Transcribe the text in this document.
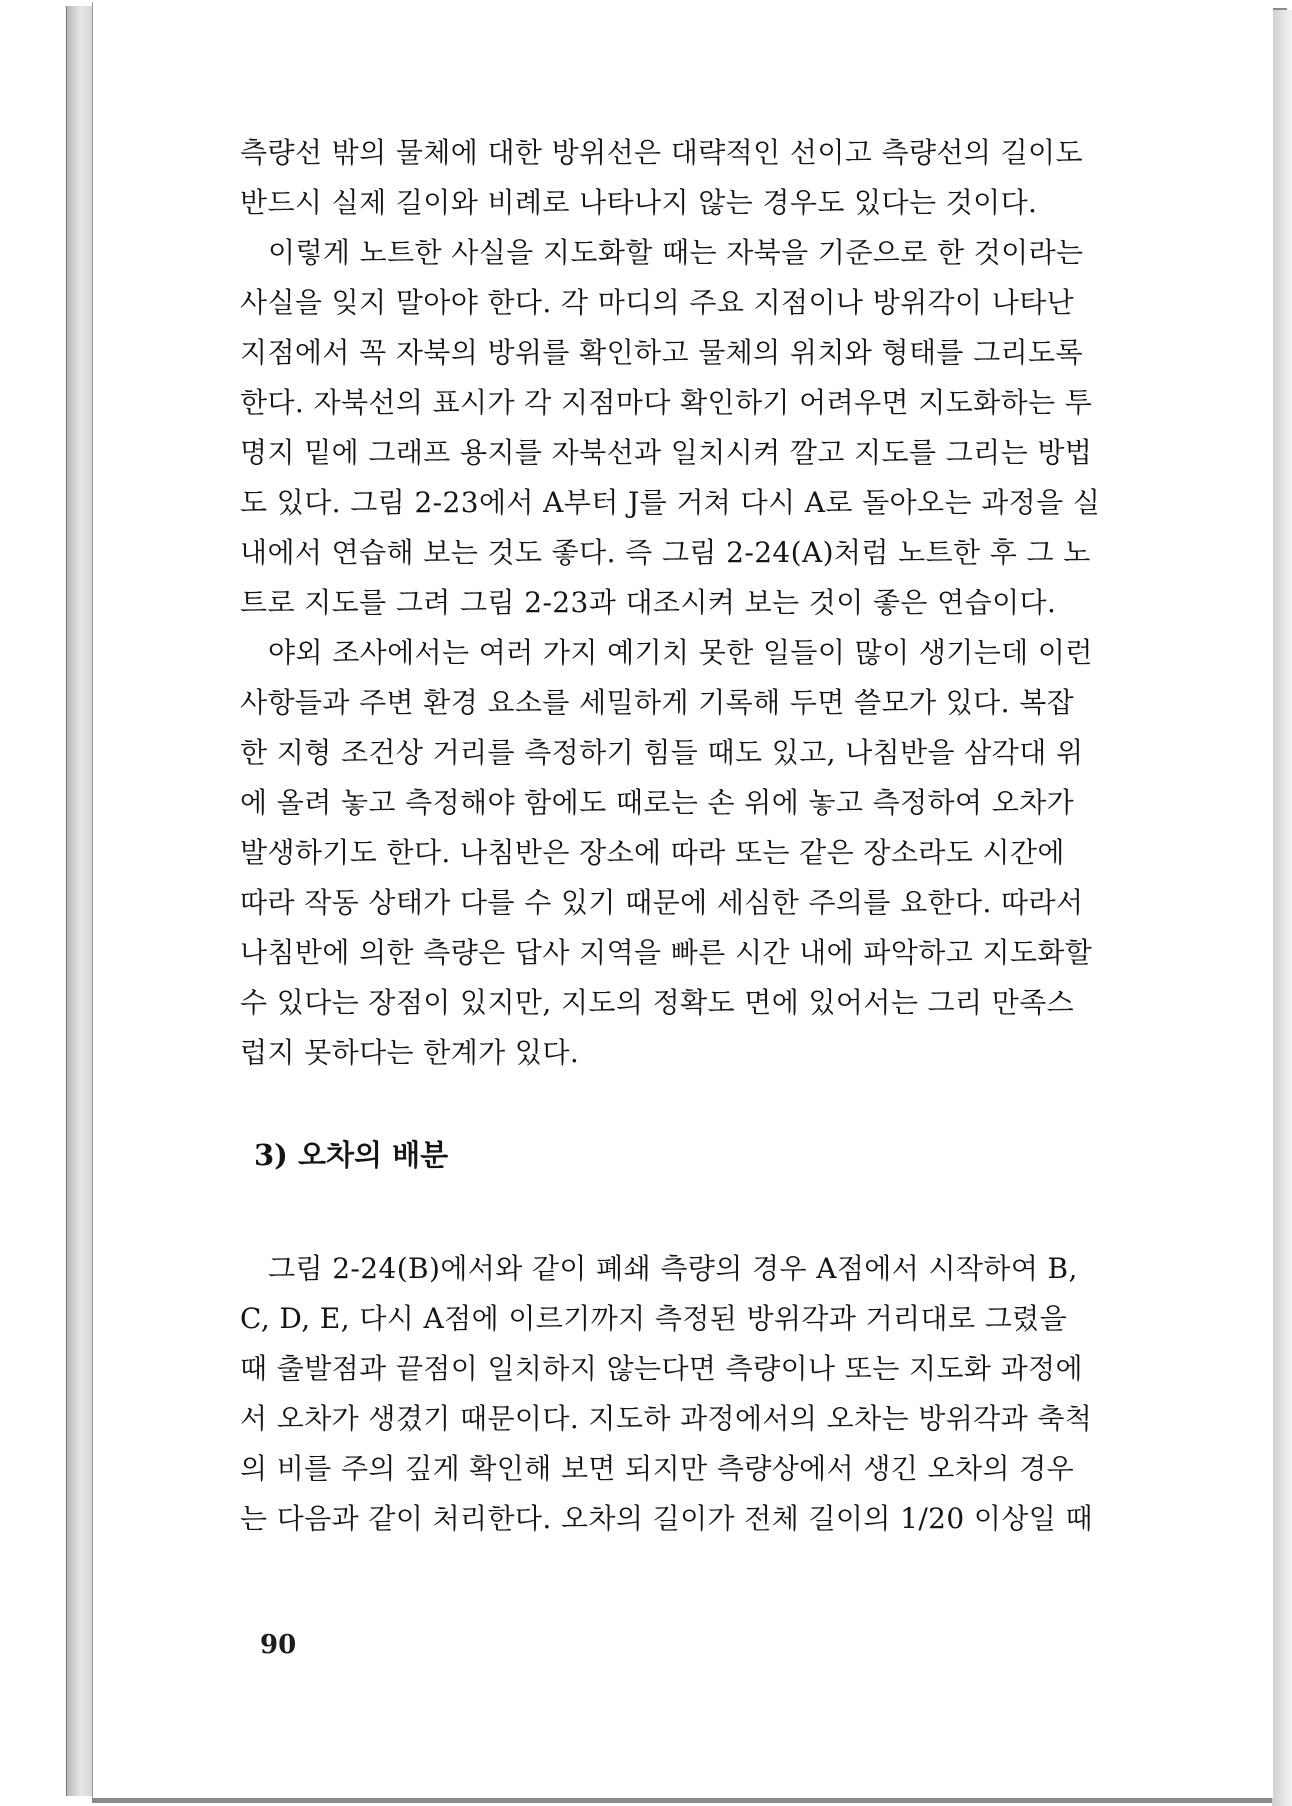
측량선 밖의 물체에 대한 방위선은 대략적인 선이고 측량선의 길이도

반드시 실제 길이와 비례로 나타나지 않는 경우도 있다는 것이다.

이렇게 노트한 사실을 지도화할 때는 자북을 기준으로 한 것이라는

사실을 잊지 말아야 한다. 각 마디의 주요 지점이나 방위각이 나타난

지점에서 꼭 자북의 방위를 확인하고 물체의 위치와 형태를 그리도록

한다. 자북선의 표시가 각 지점마다 확인하기 어려우면 지도화하는 투

명지 밑에 그래프 용지를 자북선과 일치시켜 깔고 지도를 그리는 방법

도 있다. 그림 2-23에서 A부터 J를 거쳐 다시 A로 돌아오는 과정을 실

내에서 연습해 보는 것도 좋다. 즉 그림 2-24(A)처럼 노트한 후 그 노

트로 지도를 그려 그림 2-23과 대조시켜 보는 것이 좋은 연습이다.

야외 조사에서는 여러 가지 예기치 못한 일들이 많이 생기는데 이런

사항들과 주변 환경 요소를 세밀하게 기록해 두면 쓸모가 있다. 복잡

한 지형 조건상 거리를 측정하기 힘들 때도 있고, 나침반을 삼각대 위

에 올려 놓고 측정해야 함에도 때로는 손 위에 놓고 측정하여 오차가

발생하기도 한다. 나침반은 장소에 따라 또는 같은 장소라도 시간에

따라 작동 상태가 다를 수 있기 때문에 세심한 주의를 요한다. 따라서

나침반에 의한 측량은 답사 지역을 빠른 시간 내에 파악하고 지도화할

수 있다는 장점이 있지만, 지도의 정확도 면에 있어서는 그리 만족스

럽지 못하다는 한계가 있다.

3) 오차의 배분

그림 2-24(B)에서와 같이 폐쇄 측량의 경우 A점에서 시작하여 B,

C, D, E, 다시 A점에 이르기까지 측정된 방위각과 거리대로 그렸을

때 출발점과 끝점이 일치하지 않는다면 측량이나 또는 지도화 과정에

서 오차가 생겼기 때문이다. 지도하 과정에서의 오차는 방위각과 축척

의 비를 주의 깊게 확인해 보면 되지만 측량상에서 생긴 오차의 경우

는 다음과 같이 처리한다. 오차의 길이가 전체 길이의 1/20 이상일 때

90
